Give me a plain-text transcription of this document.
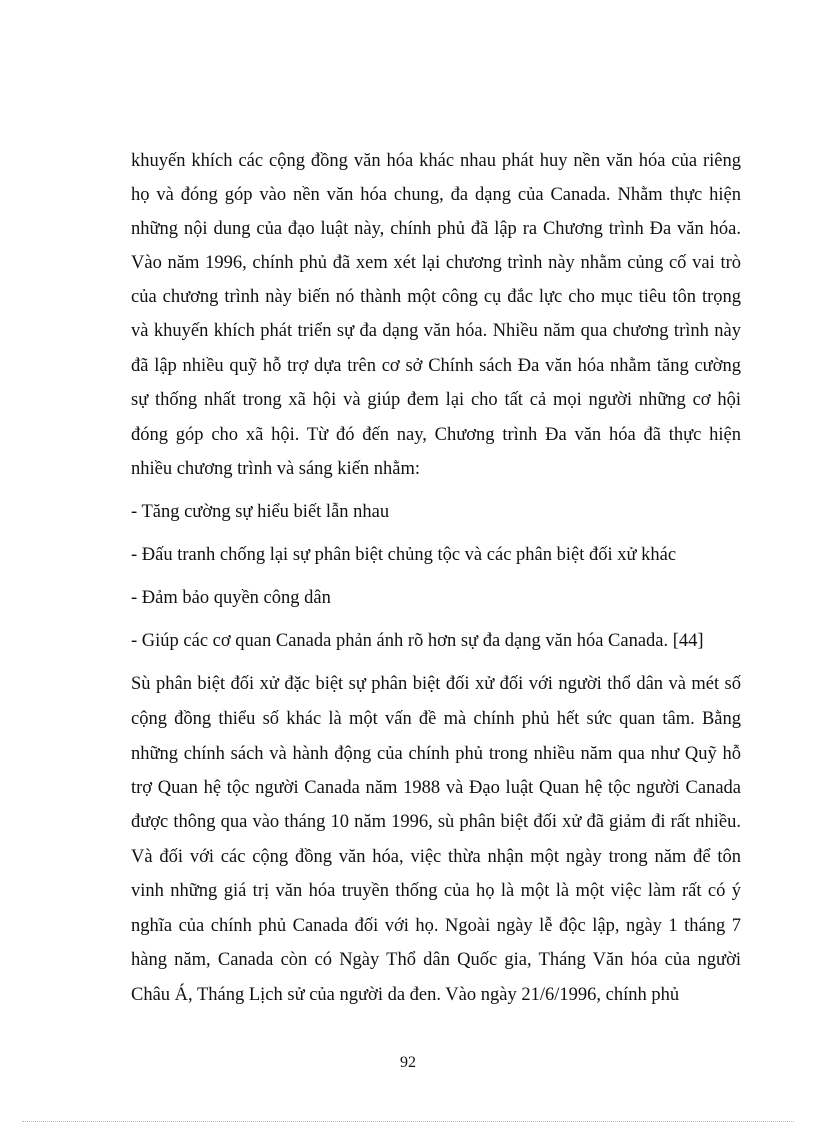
khuyến khích các cộng đồng văn hóa khác nhau phát huy nền văn hóa của riêng
họ và đóng góp vào nền văn hóa chung, đa dạng của Canada. Nhằm thực hiện
những nội dung của đạo luật này, chính phủ đã lập ra Chương trình Đa văn hóa.
Vào năm 1996, chính phủ đã xem xét lại chương trình này nhằm củng cố vai trò
của chương trình này biến nó thành một công cụ đắc lực cho mục tiêu tôn trọng
và khuyến khích phát triển sự đa dạng văn hóa. Nhiều năm qua chương trình này
đã lập nhiều quỹ hỗ trợ dựa trên cơ sở Chính sách Đa văn hóa nhằm tăng cường
sự thống nhất trong xã hội và giúp đem lại cho tất cả mọi người những cơ hội
đóng góp cho xã hội. Từ đó đến nay, Chương trình Đa văn hóa đã thực hiện
nhiều chương trình và sáng kiến nhằm:
- Tăng cường sự hiểu biết lẫn nhau
- Đấu tranh chống lại sự phân biệt chủng tộc và các phân biệt đối xử khác
- Đảm bảo quyền công dân
- Giúp các cơ quan Canada phản ánh rõ hơn sự đa dạng văn hóa Canada. [44]
Sù phân biệt đối xử đặc biệt sự phân biệt đối xử đối với người thổ dân và mét số
cộng đồng thiểu số khác là một vấn đề mà chính phủ hết sức quan tâm. Bằng
những chính sách và hành động của chính phủ trong nhiều năm qua như Quỹ hỗ
trợ Quan hệ tộc người Canada năm 1988 và Đạo luật Quan hệ tộc người Canada
được thông qua vào tháng 10 năm 1996, sù phân biệt đối xử đã giảm đi rất nhiều.
Và đối với các cộng đồng văn hóa, việc thừa nhận một ngày trong năm để tôn
vinh những giá trị văn hóa truyền thống của họ là một là một việc làm rất có ý
nghĩa của chính phủ Canada đối với họ. Ngoài ngày lễ độc lập, ngày 1 tháng 7
hàng năm, Canada còn có Ngày Thổ dân Quốc gia, Tháng Văn hóa của người
Châu Á, Tháng Lịch sử của người da đen. Vào ngày 21/6/1996, chính phủ
92
